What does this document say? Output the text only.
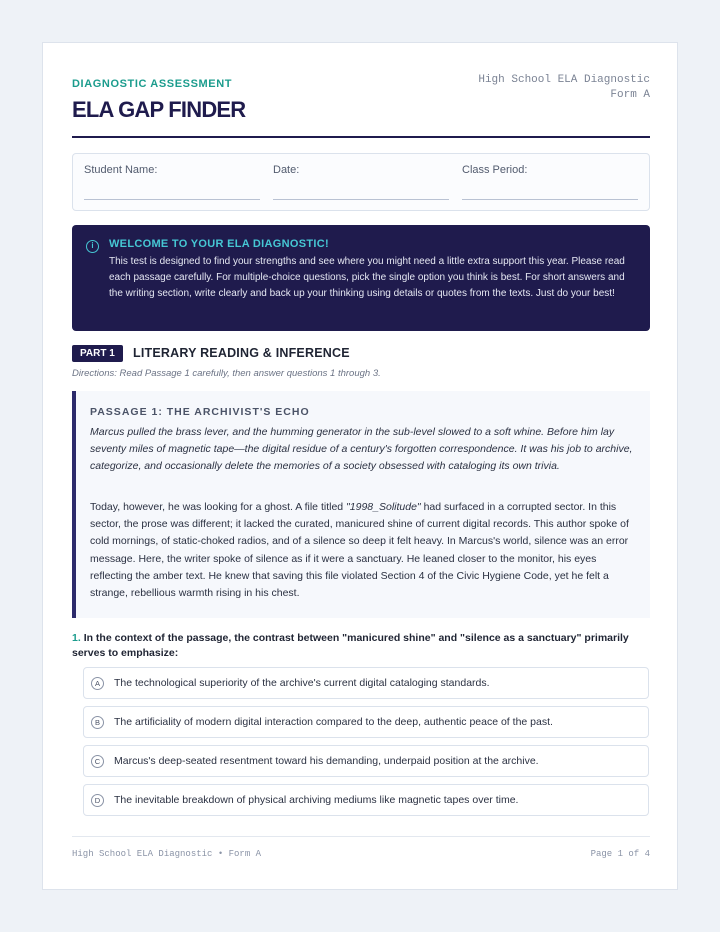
DIAGNOSTIC ASSESSMENT
ELA GAP FINDER
High School ELA Diagnostic
Form A
Student Name:	Date:	Class Period:
i	WELCOME TO YOUR ELA DIAGNOSTIC!
This test is designed to find your strengths and see where you might need a little extra support this year. Please read each passage carefully. For multiple-choice questions, pick the single option you think is best. For short answers and the writing section, write clearly and back up your thinking using details or quotes from the texts. Just do your best!
PART 1	LITERARY READING & INFERENCE
Directions: Read Passage 1 carefully, then answer questions 1 through 3.
PASSAGE 1: THE ARCHIVIST'S ECHO
Marcus pulled the brass lever, and the humming generator in the sub-level slowed to a soft whine. Before him lay seventy miles of magnetic tape—the digital residue of a century's forgotten correspondence. It was his job to archive, categorize, and occasionally delete the memories of a society obsessed with cataloging its own trivia.
Today, however, he was looking for a ghost. A file titled "1998_Solitude" had surfaced in a corrupted sector. In this sector, the prose was different; it lacked the curated, manicured shine of current digital records. This author spoke of cold mornings, of static-choked radios, and of a silence so deep it felt heavy. In Marcus's world, silence was an error message. Here, the writer spoke of silence as if it were a sanctuary. He leaned closer to the monitor, his eyes reflecting the amber text. He knew that saving this file violated Section 4 of the Civic Hygiene Code, yet he felt a strange, rebellious warmth rising in his chest.
1. In the context of the passage, the contrast between "manicured shine" and "silence as a sanctuary" primarily serves to emphasize:
A	The technological superiority of the archive's current digital cataloging standards.
B	The artificiality of modern digital interaction compared to the deep, authentic peace of the past.
C	Marcus's deep-seated resentment toward his demanding, underpaid position at the archive.
D	The inevitable breakdown of physical archiving mediums like magnetic tapes over time.
High School ELA Diagnostic • Form A	Page 1 of 4
